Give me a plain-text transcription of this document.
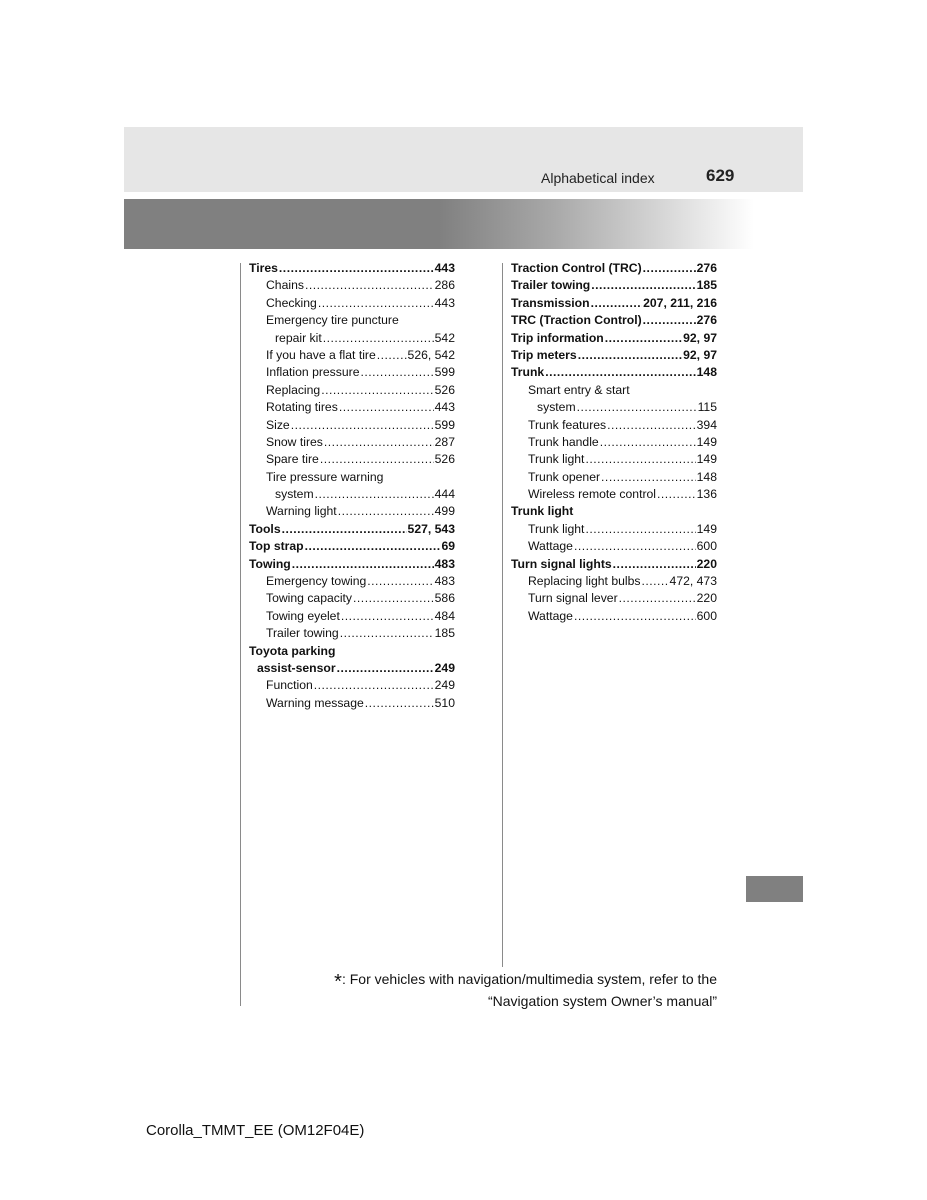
Alphabetical index	629
Tires .....	443
Chains .....	286
Checking .....	443
Emergency tire puncture
repair kit .....	542
If you have a flat tire .....	526, 542
Inflation pressure .....	599
Replacing .....	526
Rotating tires .....	443
Size .....	599
Snow tires .....	287
Spare tire .....	526
Tire pressure warning
system .....	444
Warning light .....	499
Tools .....	527, 543
Top strap .....	69
Towing .....	483
Emergency towing .....	483
Towing capacity .....	586
Towing eyelet .....	484
Trailer towing .....	185
Toyota parking
assist-sensor .....	249
Function .....	249
Warning message .....	510
Traction Control (TRC) .....	276
Trailer towing .....	185
Transmission .....	207, 211, 216
TRC (Traction Control) .....	276
Trip information .....	92, 97
Trip meters .....	92, 97
Trunk .....	148
Smart entry & start
system .....	115
Trunk features .....	394
Trunk handle .....	149
Trunk light .....	149
Trunk opener .....	148
Wireless remote control .....	136
Trunk light
Trunk light .....	149
Wattage .....	600
Turn signal lights .....	220
Replacing light bulbs ..... 472, 473
Turn signal lever .....	220
Wattage .....	600
*: For vehicles with navigation/multimedia system, refer to the
“Navigation system Owner’s manual”
Corolla_TMMT_EE (OM12F04E)
